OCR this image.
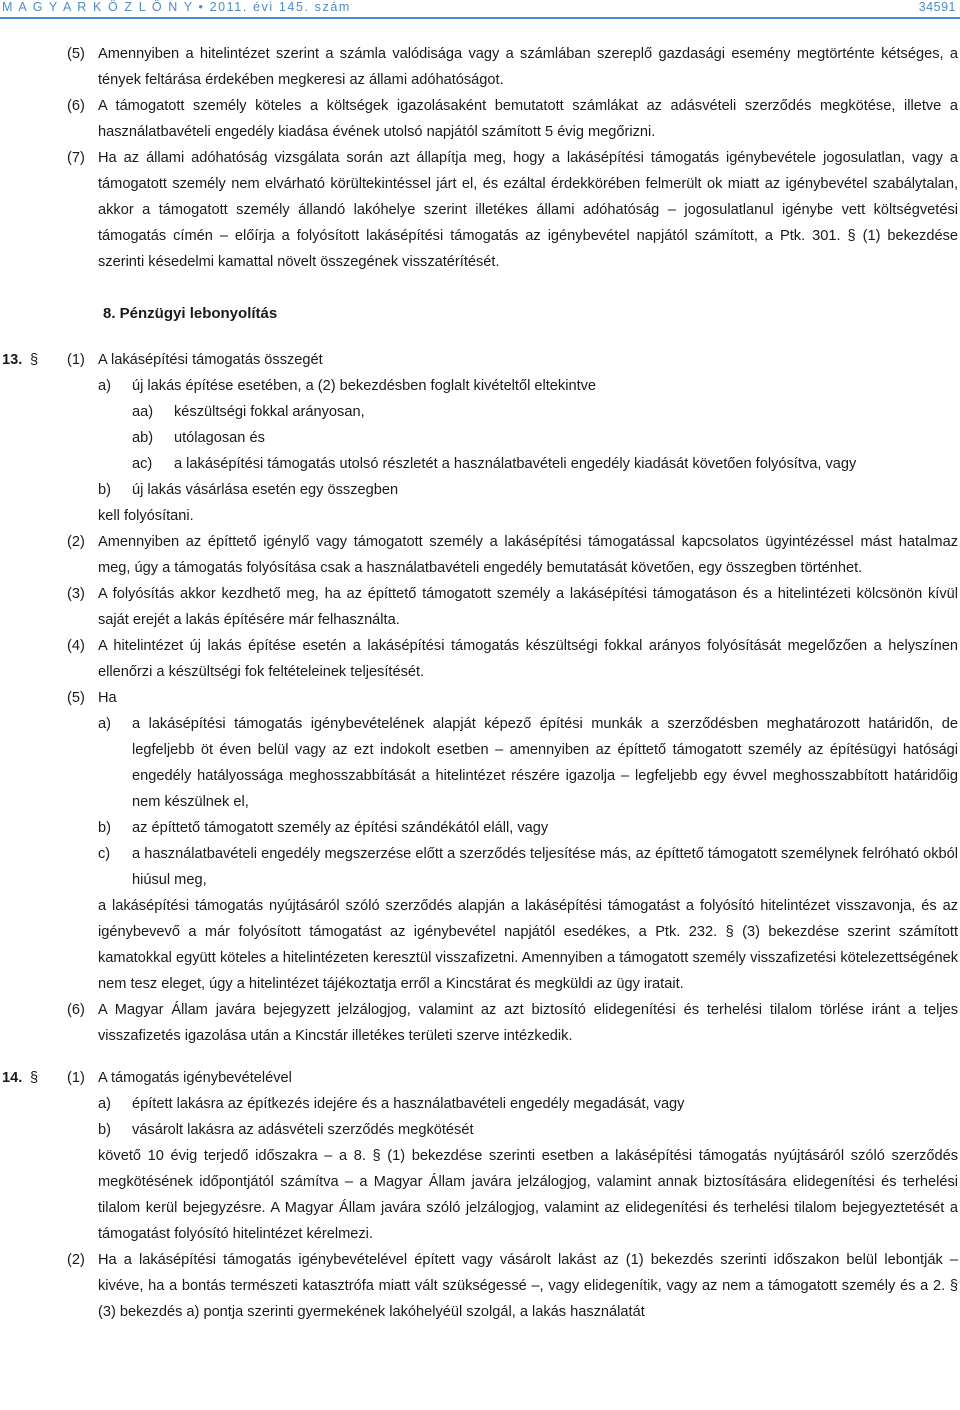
M A G Y A R K Ö Z L Ö N Y • 2011. évi 145. szám	34591
(5) Amennyiben a hitelintézet szerint a számla valódisága vagy a számlában szereplő gazdasági esemény megtörténte kétséges, a tények feltárása érdekében megkeresi az állami adóhatóságot.
(6) A támogatott személy köteles a költségek igazolásaként bemutatott számlákat az adásvételi szerződés megkötése, illetve a használatbavételi engedély kiadása évének utolsó napjától számított 5 évig megőrizni.
(7) Ha az állami adóhatóság vizsgálata során azt állapítja meg, hogy a lakásépítési támogatás igénybevétele jogosulatlan, vagy a támogatott személy nem elvárható körültekintéssel járt el, és ezáltal érdekkörében felmerült ok miatt az igénybevétel szabálytalan, akkor a támogatott személy állandó lakóhelye szerint illetékes állami adóhatóság – jogosulatlanul igénybe vett költségvetési támogatás címén – előírja a folyósított lakásépítési támogatás az igénybevétel napjától számított, a Ptk. 301. § (1) bekezdése szerinti késedelmi kamattal növelt összegének visszatérítését.
8. Pénzügyi lebonyolítás
13. § (1) A lakásépítési támogatás összegét
a) új lakás építése esetében, a (2) bekezdésben foglalt kivételtől eltekintve
aa) készültségi fokkal arányosan,
ab) utólagosan és
ac) a lakásépítési támogatás utolsó részletét a használatbavételi engedély kiadását követően folyósítva, vagy
b) új lakás vásárlása esetén egy összegben
kell folyósítani.
(2) Amennyiben az építtető igénylő vagy támogatott személy a lakásépítési támogatással kapcsolatos ügyintézéssel mást hatalmaz meg, úgy a támogatás folyósítása csak a használatbavételi engedély bemutatását követően, egy összegben történhet.
(3) A folyósítás akkor kezdhető meg, ha az építtető támogatott személy a lakásépítési támogatáson és a hitelintézeti kölcsönön kívül saját erejét a lakás építésére már felhasználta.
(4) A hitelintézet új lakás építése esetén a lakásépítési támogatás készültségi fokkal arányos folyósítását megelőzően a helyszínen ellenőrzi a készültségi fok feltételeinek teljesítését.
(5) Ha
a) a lakásépítési támogatás igénybevételének alapját képező építési munkák a szerződésben meghatározott határidőn, de legfeljebb öt éven belül vagy az ezt indokolt esetben – amennyiben az építtető támogatott személy az építésügyi hatósági engedély hatályossága meghosszabbítását a hitelintézet részére igazolja – legfeljebb egy évvel meghosszabbított határidőig nem készülnek el,
b) az építtető támogatott személy az építési szándékától eláll, vagy
c) a használatbavételi engedély megszerzése előtt a szerződés teljesítése más, az építtető támogatott személynek felróható okból hiúsul meg,
a lakásépítési támogatás nyújtásáról szóló szerződés alapján a lakásépítési támogatást a folyósító hitelintézet visszavonja, és az igénybevevő a már folyósított támogatást az igénybevétel napjától esedékes, a Ptk. 232. § (3) bekezdése szerint számított kamatokkal együtt köteles a hitelintézeten keresztül visszafizetni. Amennyiben a támogatott személy visszafizetési kötelezettségének nem tesz eleget, úgy a hitelintézet tájékoztatja erről a Kincstárat és megküldi az ügy iratait.
(6) A Magyar Állam javára bejegyzett jelzálogjog, valamint az azt biztosító elidegenítési és terhelési tilalom törlése iránt a teljes visszafizetés igazolása után a Kincstár illetékes területi szerve intézkedik.
14. § (1) A támogatás igénybevételével
a) épített lakásra az építkezés idejére és a használatbavételi engedély megadását, vagy
b) vásárolt lakásra az adásvételi szerződés megkötését
követő 10 évig terjedő időszakra – a 8. § (1) bekezdése szerinti esetben a lakásépítési támogatás nyújtásáról szóló szerződés megkötésének időpontjától számítva – a Magyar Állam javára jelzálogjog, valamint annak biztosítására elidegenítési és terhelési tilalom kerül bejegyzésre. A Magyar Állam javára szóló jelzálogjog, valamint az elidegenítési és terhelési tilalom bejegyeztetését a támogatást folyósító hitelintézet kérelmezi.
(2) Ha a lakásépítési támogatás igénybevételével épített vagy vásárolt lakást az (1) bekezdés szerinti időszakon belül lebontják – kivéve, ha a bontás természeti katasztrófa miatt vált szükségessé –, vagy elidegenítik, vagy az nem a támogatott személy és a 2. § (3) bekezdés a) pontja szerinti gyermekének lakóhelyéül szolgál, a lakás használatát
